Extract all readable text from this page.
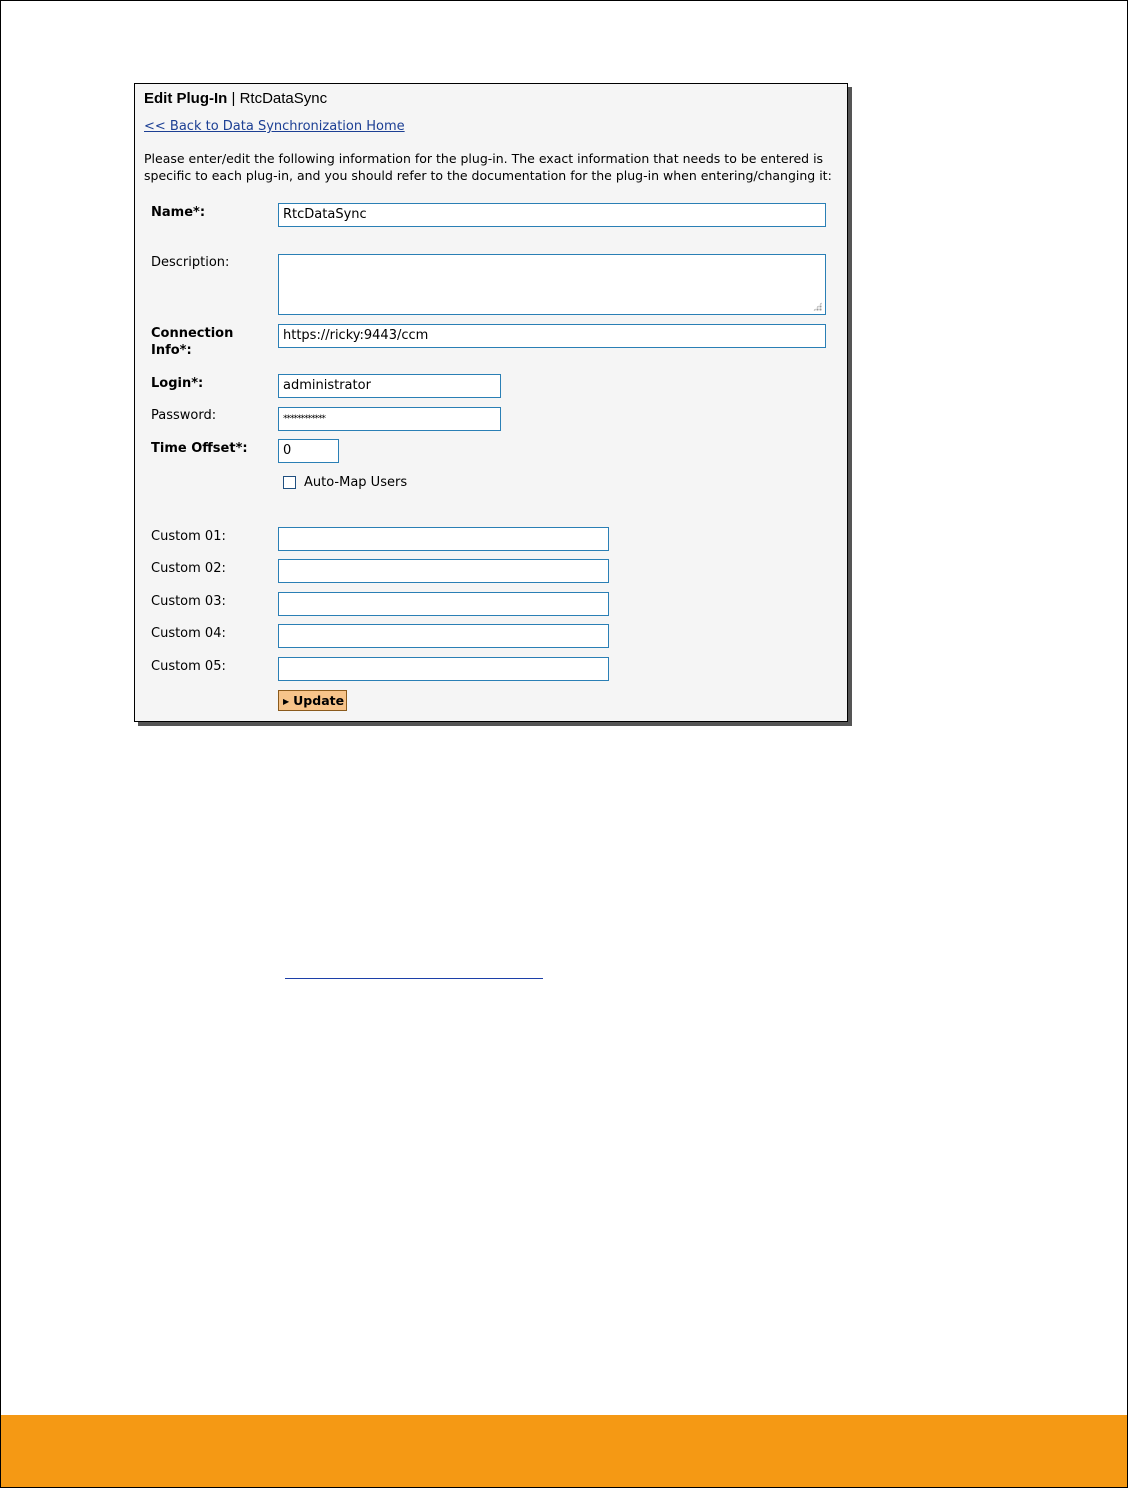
Edit Plug-In | RtcDataSync
<< Back to Data Synchronization Home
Please enter/edit the following information for the plug-in. The exact information that needs to be entered is specific to each plug-in, and you should refer to the documentation for the plug-in when entering/changing it:
Name*:	RtcDataSync
Description:
Connection Info*:
https://ricky:9443/ccm
Login*:	administrator
Password:	************
Time Offset*:	0
Auto-Map Users
Custom 01:
Custom 02:
Custom 03:
Custom 04:
Custom 05:
▶ Update
